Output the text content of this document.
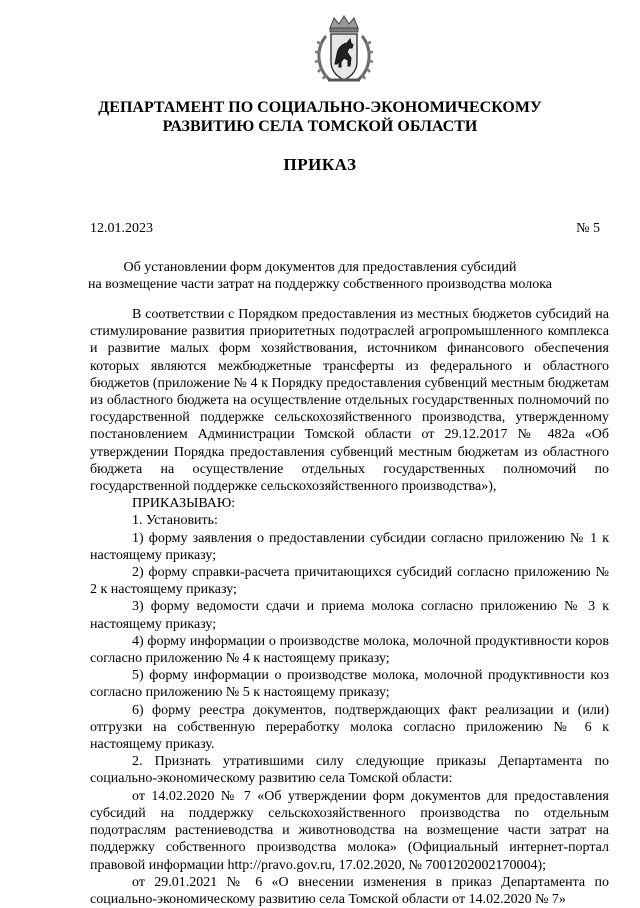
ДЕПАРТАМЕНТ ПО СОЦИАЛЬНО-ЭКОНОМИЧЕСКОМУ
РАЗВИТИЮ СЕЛА ТОМСКОЙ ОБЛАСТИ
ПРИКАЗ
12.01.2023	№ 5
Об установлении форм документов для предоставления субсидий
на возмещение части затрат на поддержку собственного производства молока

В соответствии с Порядком предоставления из местных бюджетов субсидий на стимулирование развития приоритетных подотраслей агропромышленного комплекса и развитие малых форм хозяйствования, источником финансового обеспечения которых являются межбюджетные трансферты из федерального и областного бюджетов (приложение № 4 к Порядку предоставления субвенций местным бюджетам из областного бюджета на осуществление отдельных государственных полномочий по государственной поддержке сельскохозяйственного производства, утвержденному постановлением Администрации Томской области от 29.12.2017 № 482а «Об утверждении Порядка предоставления субвенций местным бюджетам из областного бюджета на осуществление отдельных государственных полномочий по государственной поддержке сельскохозяйственного производства»),

ПРИКАЗЫВАЮ:

1. Установить:

1) форму заявления о предоставлении субсидии согласно приложению № 1 к настоящему приказу;

2) форму справки-расчета причитающихся субсидий согласно приложению № 2 к настоящему приказу;

3) форму ведомости сдачи и приема молока согласно приложению № 3 к настоящему приказу;

4) форму информации о производстве молока, молочной продуктивности коров согласно приложению № 4 к настоящему приказу;

5) форму информации о производстве молока, молочной продуктивности коз согласно приложению № 5 к настоящему приказу;

6) форму реестра документов, подтверждающих факт реализации и (или) отгрузки на собственную переработку молока согласно приложению № 6 к настоящему приказу.

2. Признать утратившими силу следующие приказы Департамента по социально-экономическому развитию села Томской области:

от 14.02.2020 № 7 «Об утверждении форм документов для предоставления субсидий на поддержку сельскохозяйственного производства по отдельным подотраслям растениеводства и животноводства на возмещение части затрат на поддержку собственного производства молока» (Официальный интернет-портал правовой информации http://pravo.gov.ru, 17.02.2020, № 7001202002170004);

от 29.01.2021 № 6 «О внесении изменения в приказ Департамента по социально-экономическому развитию села Томской области от 14.02.2020 № 7»
